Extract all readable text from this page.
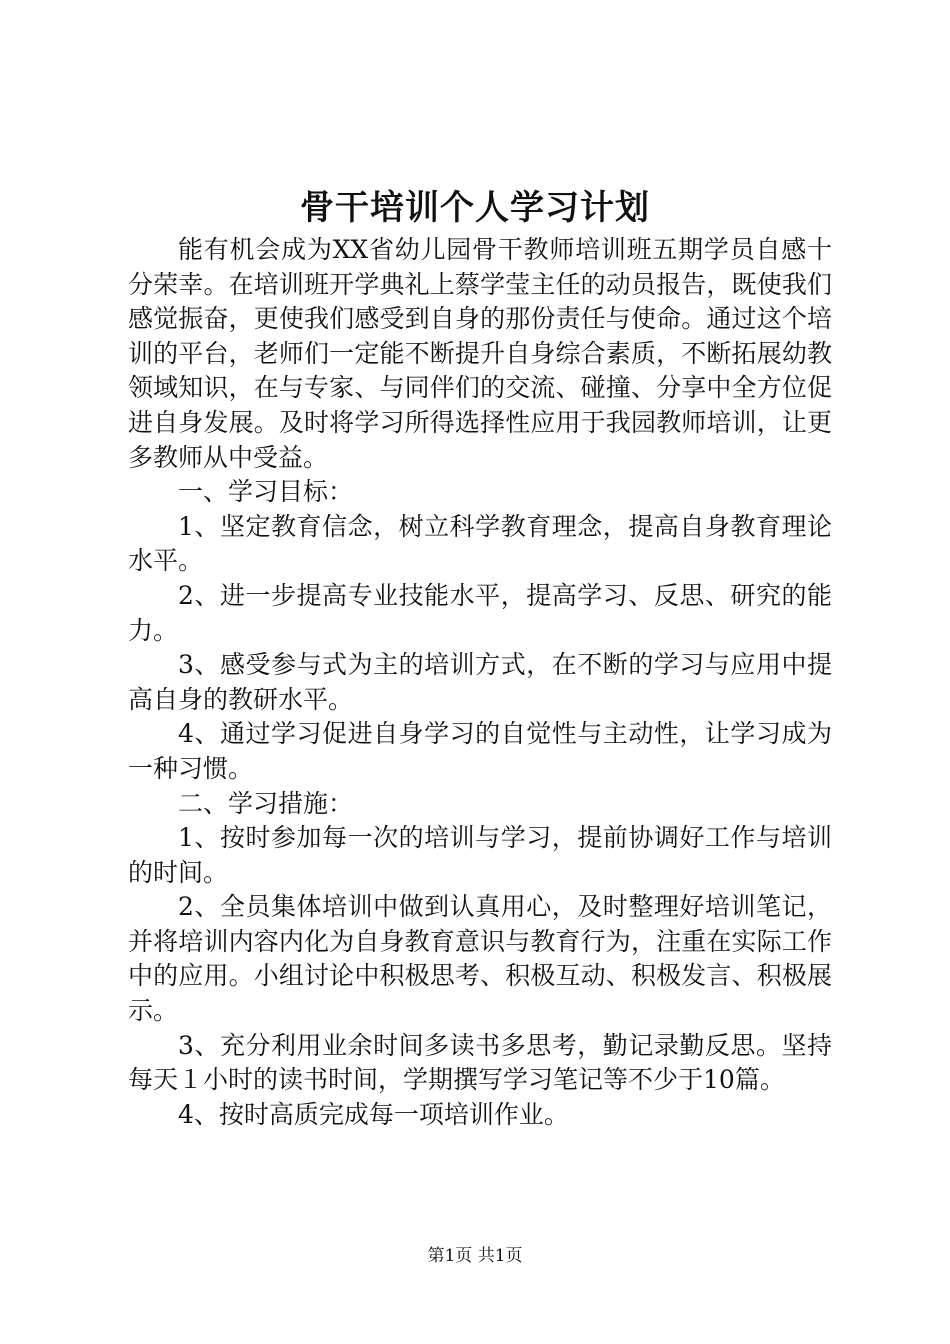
骨干培训个人学习计划

能有机会成为XX省幼儿园骨干教师培训班五期学员自感十分荣幸。在培训班开学典礼上蔡学莹主任的动员报告，既使我们感觉振奋，更使我们感受到自身的那份责任与使命。通过这个培训的平台，老师们一定能不断提升自身综合素质，不断拓展幼教领域知识，在与专家、与同伴们的交流、碰撞、分享中全方位促进自身发展。及时将学习所得选择性应用于我园教师培训，让更多教师从中受益。

一、学习目标：

1、坚定教育信念，树立科学教育理念，提高自身教育理论水平。

2、进一步提高专业技能水平，提高学习、反思、研究的能力。

3、感受参与式为主的培训方式，在不断的学习与应用中提高自身的教研水平。

4、通过学习促进自身学习的自觉性与主动性，让学习成为一种习惯。

二、学习措施：

1、按时参加每一次的培训与学习，提前协调好工作与培训的时间。

2、全员集体培训中做到认真用心，及时整理好培训笔记，并将培训内容内化为自身教育意识与教育行为，注重在实际工作中的应用。小组讨论中积极思考、积极互动、积极发言、积极展示。

3、充分利用业余时间多读书多思考，勤记录勤反思。坚持每天１小时的读书时间，学期撰写学习笔记等不少于10篇。

4、按时高质完成每一项培训作业。

第1页 共1页
